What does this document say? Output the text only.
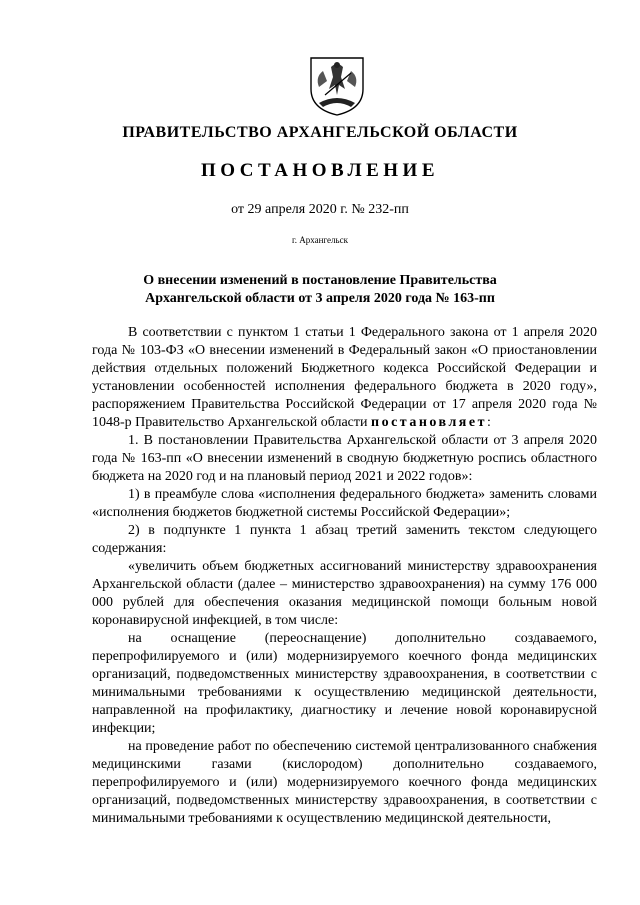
ПРАВИТЕЛЬСТВО АРХАНГЕЛЬСКОЙ ОБЛАСТИ
ПОСТАНОВЛЕНИЕ
от 29 апреля 2020 г. № 232-пп
г. Архангельск
О внесении изменений в постановление Правительства
Архангельской области от 3 апреля 2020 года № 163-пп

В соответствии с пунктом 1 статьи 1 Федерального закона от 1 апреля 2020 года № 103-ФЗ «О внесении изменений в Федеральный закон «О приостановлении действия отдельных положений Бюджетного кодекса Российской Федерации и установлении особенностей исполнения федерального бюджета в 2020 году», распоряжением Правительства Российской Федерации от 17 апреля 2020 года № 1048-р Правительство Архангельской области постановляет:

1. В постановлении Правительства Архангельской области от 3 апреля 2020 года № 163-пп «О внесении изменений в сводную бюджетную роспись областного бюджета на 2020 год и на плановый период 2021 и 2022 годов»:

1) в преамбуле слова «исполнения федерального бюджета» заменить словами «исполнения бюджетов бюджетной системы Российской Федерации»;

2) в подпункте 1 пункта 1 абзац третий заменить текстом следующего содержания:

«увеличить объем бюджетных ассигнований министерству здравоохранения Архангельской области (далее – министерство здравоохранения) на сумму 176 000 000 рублей для обеспечения оказания медицинской помощи больным новой коронавирусной инфекцией, в том числе:

на оснащение (переоснащение) дополнительно создаваемого, перепрофилируемого и (или) модернизируемого коечного фонда медицинских организаций, подведомственных министерству здравоохранения, в соответствии с минимальными требованиями к осуществлению медицинской деятельности, направленной на профилактику, диагностику и лечение новой коронавирусной инфекции;

на проведение работ по обеспечению системой централизованного снабжения медицинскими газами (кислородом) дополнительно создаваемого, перепрофилируемого и (или) модернизируемого коечного фонда медицинских организаций, подведомственных министерству здравоохранения, в соответствии с минимальными требованиями к осуществлению медицинской деятельности,
